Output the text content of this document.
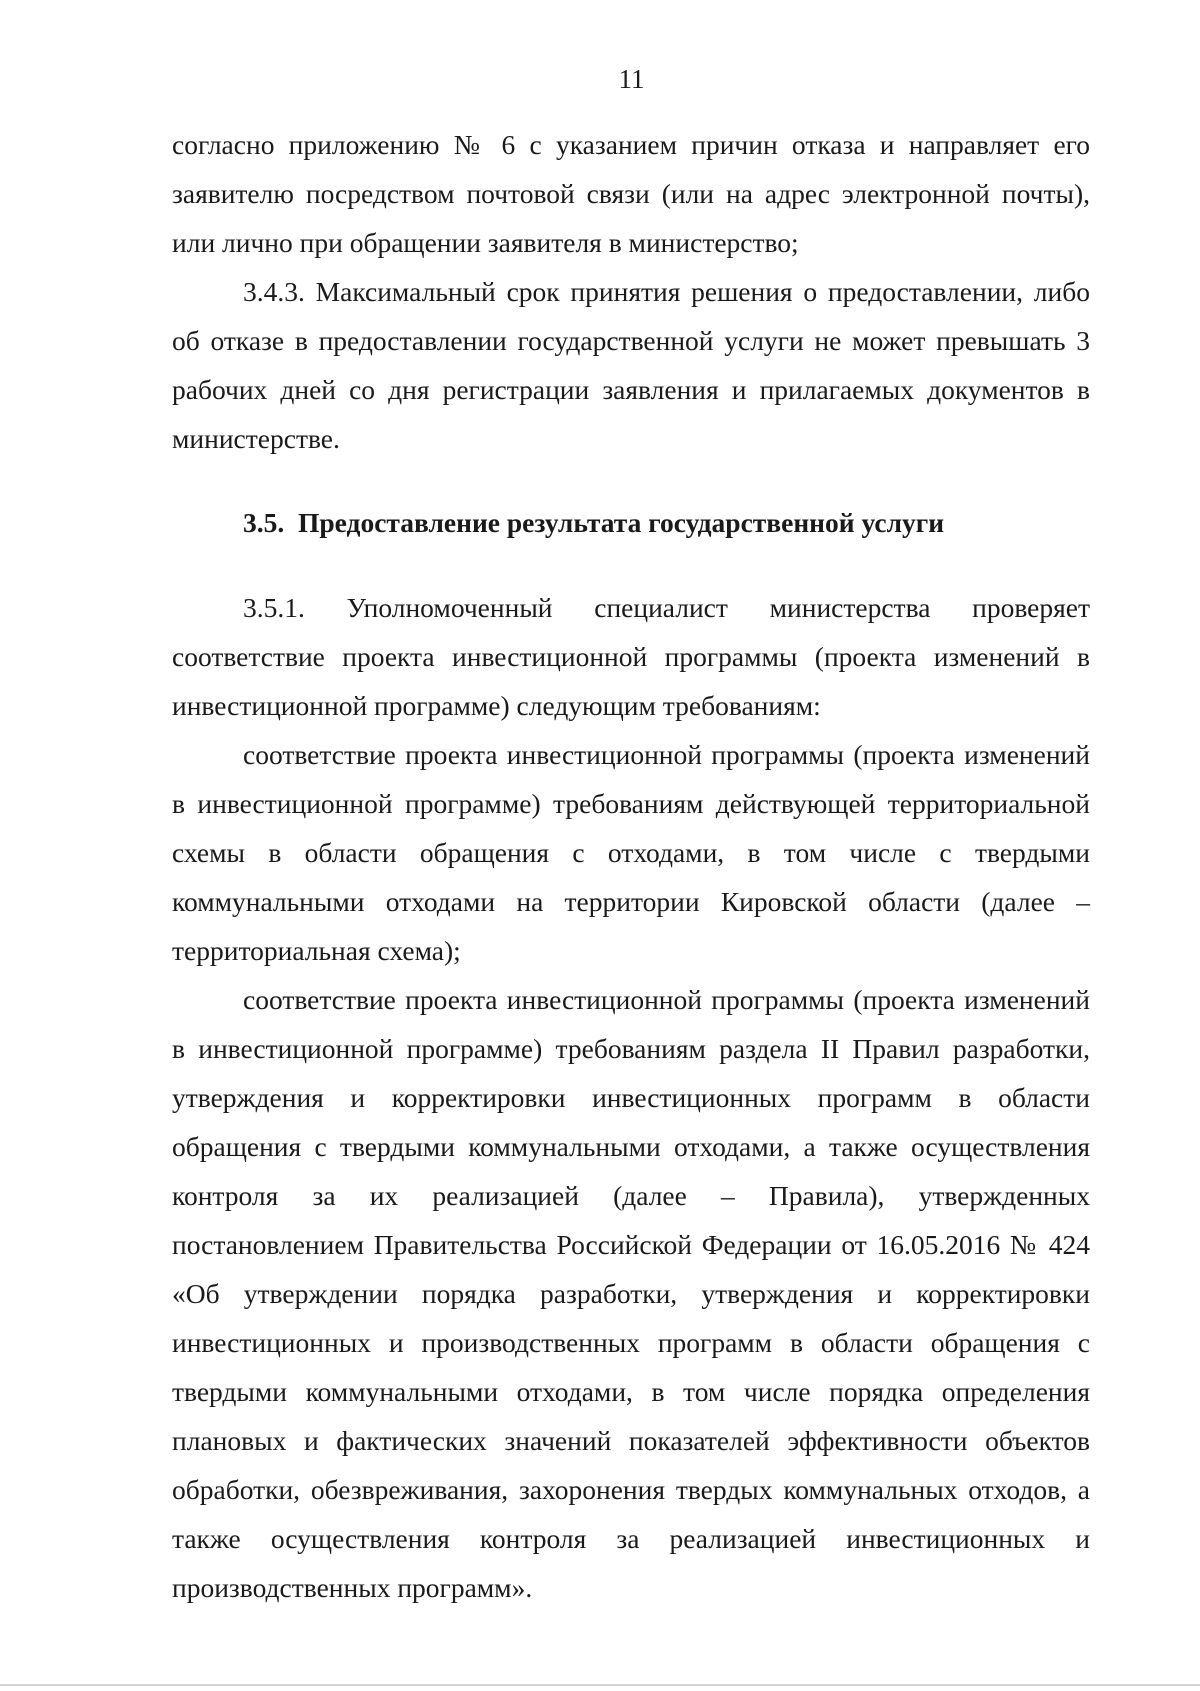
11

согласно приложению № 6 с указанием причин отказа и направляет его заявителю посредством почтовой связи (или на адрес электронной почты), или лично при обращении заявителя в министерство;

3.4.3. Максимальный срок принятия решения о предоставлении, либо об отказе в предоставлении государственной услуги не может превышать 3 рабочих дней со дня регистрации заявления и прилагаемых документов в министерстве.

3.5. Предоставление результата государственной услуги

3.5.1. Уполномоченный специалист министерства проверяет соответствие проекта инвестиционной программы (проекта изменений в инвестиционной программе) следующим требованиям:

соответствие проекта инвестиционной программы (проекта изменений в инвестиционной программе) требованиям действующей территориальной схемы в области обращения с отходами, в том числе с твердыми коммунальными отходами на территории Кировской области (далее – территориальная схема);

соответствие проекта инвестиционной программы (проекта изменений в инвестиционной программе) требованиям раздела II Правил разработки, утверждения и корректировки инвестиционных программ в области обращения с твердыми коммунальными отходами, а также осуществления контроля за их реализацией (далее – Правила), утвержденных постановлением Правительства Российской Федерации от 16.05.2016 № 424 «Об утверждении порядка разработки, утверждения и корректировки инвестиционных и производственных программ в области обращения с твердыми коммунальными отходами, в том числе порядка определения плановых и фактических значений показателей эффективности объектов обработки, обезвреживания, захоронения твердых коммунальных отходов, а также осуществления контроля за реализацией инвестиционных и производственных программ».
